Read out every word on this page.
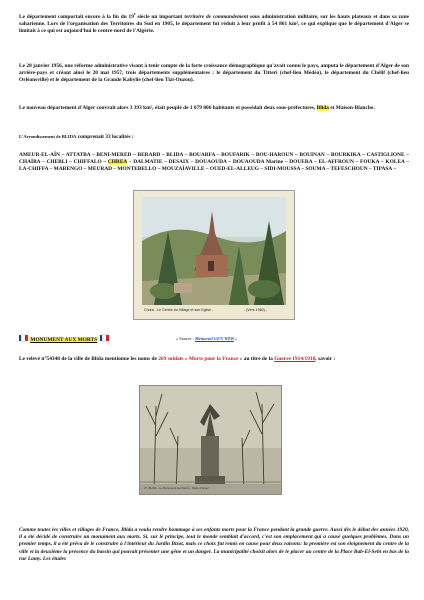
Le département comportait encore à la fin du 19e siècle un important territoire de commandement sous administration militaire, sur les hauts plateaux et dans sa zone saharienne. Lors de l'organisation des Territoires du Sud en 1905, le département fut réduit à leur profit à 54 861 km², ce qui explique que le département d'Alger se limitait à ce qui est aujourd'hui le centre-nord de l'Algérie.

Le 28 janvier 1956, une réforme administrative visant à tenir compte de la forte croissance démographique qu'avait connu le pays, amputa le département d'Alger de son arrière-pays et créant ainsi le 20 mai 1957, trois départements supplémentaires : le département du Titteri (chef-lieu Médéa), le département du Chélif (chef-lieu Orléansville) et le département de la Grande Kabylie (chef-lieu Tizi-Ouzou).

Le nouveau département d'Alger couvrait alors 3 393 km², était peuplé de 1 079 806 habitants et possédait deux sous-préfectures, Blida et Maison-Blanche.

L'Arrondissement de BLIDA comprenait 33 localités :

AMEUR-EL-AÏN – ATTATBA – BENI-MERED – BERARD – BLIDA – BOUARFA – BOUFARIK – BOU-HAROUN – BOUINAN – BOURKIKA – CASTIGLIONE – CHAÏBA – CHEBLI – CHIFFALO – CHREA – DALMATIE – DESAIX – DOUAOUDA – DOUAOUDA Marine – DOUERA – EL-AFFROUN – FOUKA – KOLEA – LA-CHIFFA – MARENGO – MEURAD – MONTEBELLO – MOUZAÏAVILLE – OUED-EL-ALLEUG – SIDI-MOUSSA – SOUMA – TEFESCHOUN – TIPASA –

Chréa - Le Centre du Village et son Eglise -	- (Vers 1960) -
MONUMENT AUX MORTS	« Source : Mémorial GEN WEB »

Le relevé n°54348 de la ville de Blida mentionne les noms de 269 soldats « Morts pour la France » au titre de la Guerre 1914/1918, savoir :

27. BLIDA - Le Monument aux Morts - Place d'Anger

Comme toutes les villes et villages de France, Blida a voulu rendre hommage à ses enfants morts pour la France pendant la grande guerre. Aussi dès le début des années 1920, il a été décidé de construire un monument aux morts. Si, sur le principe, tout le monde semblait d'accord, c'est son emplacement qui a causé quelques problèmes. Dans un premier temps, il a été prévu de le construire à l'intérieur du Jardin Bizot, mais ce choix fut remis en cause pour deux raisons: la première est son éloignement du centre de la ville et la deuxième la présence du bassin qui pouvait présenter une gêne et un danger. La municipalité choisit alors de le placer au centre de la Place Bab-El-Sebt en bas de la rue Lamy. Les études
